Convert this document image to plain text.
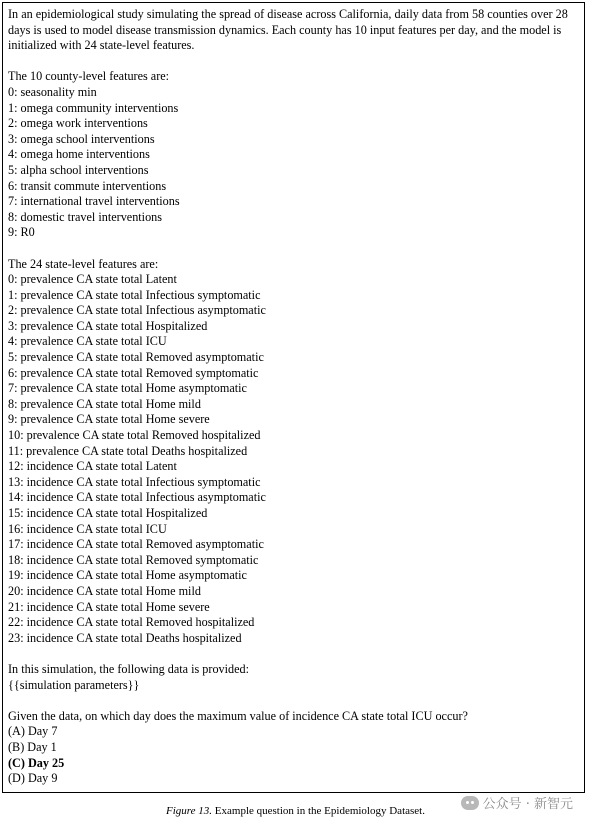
In an epidemiological study simulating the spread of disease across California, daily data from 58 counties over 28 days is used to model disease transmission dynamics. Each county has 10 input features per day, and the model is initialized with 24 state-level features.

The 10 county-level features are:

0: seasonality min
1: omega community interventions
2: omega work interventions
3: omega school interventions
4: omega home interventions
5: alpha school interventions
6: transit commute interventions
7: international travel interventions
8: domestic travel interventions
9: R0

The 24 state-level features are:

0: prevalence CA state total Latent
1: prevalence CA state total Infectious symptomatic
2: prevalence CA state total Infectious asymptomatic
3: prevalence CA state total Hospitalized
4: prevalence CA state total ICU
5: prevalence CA state total Removed asymptomatic
6: prevalence CA state total Removed symptomatic
7: prevalence CA state total Home asymptomatic
8: prevalence CA state total Home mild
9: prevalence CA state total Home severe
10: prevalence CA state total Removed hospitalized
11: prevalence CA state total Deaths hospitalized
12: incidence CA state total Latent
13: incidence CA state total Infectious symptomatic
14: incidence CA state total Infectious asymptomatic
15: incidence CA state total Hospitalized
16: incidence CA state total ICU
17: incidence CA state total Removed asymptomatic
18: incidence CA state total Removed symptomatic
19: incidence CA state total Home asymptomatic
20: incidence CA state total Home mild
21: incidence CA state total Home severe
22: incidence CA state total Removed hospitalized
23: incidence CA state total Deaths hospitalized

In this simulation, the following data is provided:

{{simulation parameters}}

Given the data, on which day does the maximum value of incidence CA state total ICU occur?

(A) Day 7
(B) Day 1
(C) Day 25
(D) Day 9
Figure 13. Example question in the Epidemiology Dataset.	公众号 · 新智元
